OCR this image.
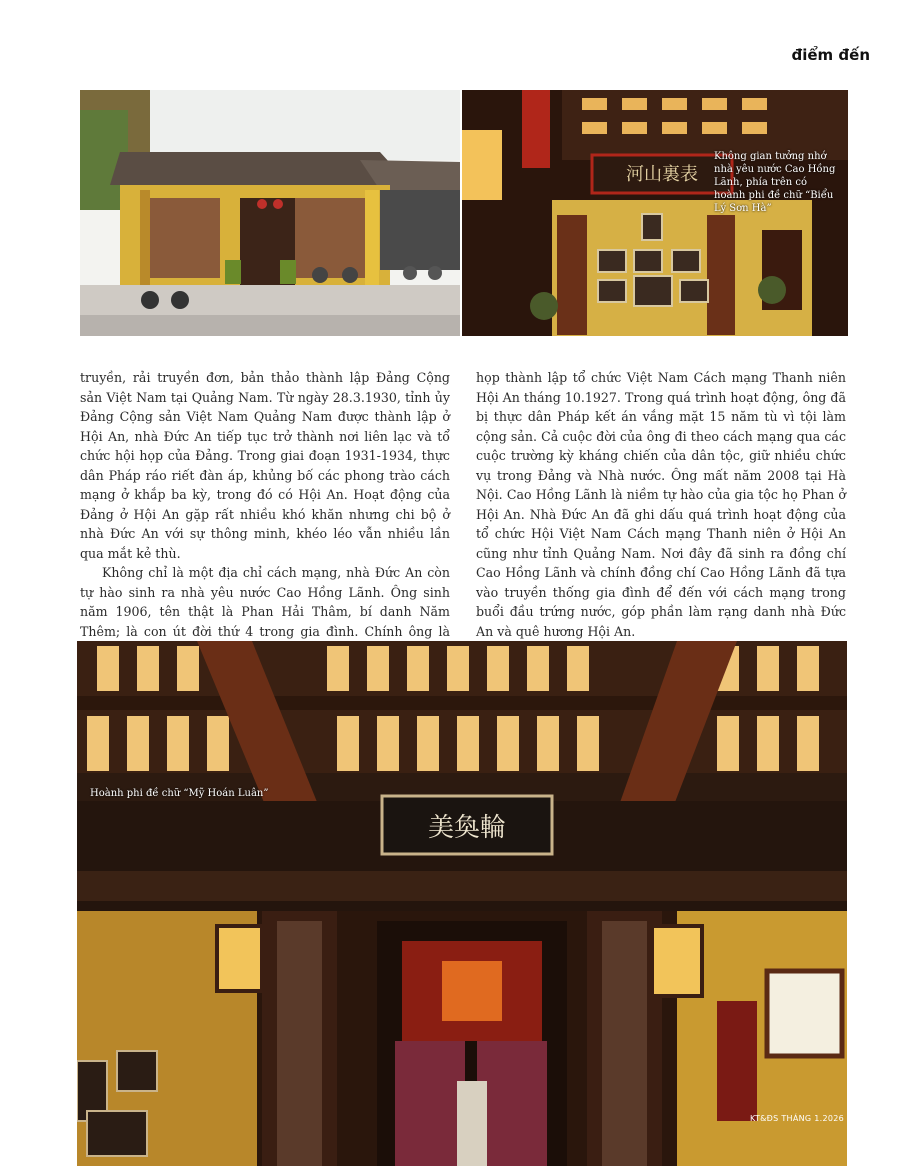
điểm đến
河山裏表
Không gian tưởng nhớ nhà yêu nước Cao Hồng Lãnh, phía trên có hoành phi đề chữ “Biểu Lý Sơn Hà”

truyền, rải truyền đơn, bản thảo thành lập Đảng Cộng sản Việt Nam tại Quảng Nam. Từ ngày 28.3.1930, tỉnh ủy Đảng Cộng sản Việt Nam Quảng Nam được thành lập ở Hội An, nhà Đức An tiếp tục trở thành nơi liên lạc và tổ chức hội họp của Đảng. Trong giai đoạn 1931-1934, thực dân Pháp ráo riết đàn áp, khủng bố các phong trào cách mạng ở khắp ba kỳ, trong đó có Hội An. Hoạt động của Đảng ở Hội An gặp rất nhiều khó khăn nhưng chi bộ ở nhà Đức An với sự thông minh, khéo léo vẫn nhiều lần qua mắt kẻ thù.

Không chỉ là một địa chỉ cách mạng, nhà Đức An còn tự hào sinh ra nhà yêu nước Cao Hồng Lãnh. Ông sinh năm 1906, tên thật là Phan Hải Thâm, bí danh Năm Thêm; là con út đời thứ 4 trong gia đình. Chính ông là

họp thành lập tổ chức Việt Nam Cách mạng Thanh niên Hội An tháng 10.1927. Trong quá trình hoạt động, ông đã bị thực dân Pháp kết án vắng mặt 15 năm tù vì tội làm cộng sản. Cả cuộc đời của ông đi theo cách mạng qua các cuộc trường kỳ kháng chiến của dân tộc, giữ nhiều chức vụ trong Đảng và Nhà nước. Ông mất năm 2008 tại Hà Nội. Cao Hồng Lãnh là niềm tự hào của gia tộc họ Phan ở Hội An. Nhà Đức An đã ghi dấu quá trình hoạt động của tổ chức Hội Việt Nam Cách mạng Thanh niên ở Hội An cũng như tỉnh Quảng Nam. Nơi đây đã sinh ra đồng chí Cao Hồng Lãnh và chính đồng chí Cao Hồng Lãnh đã tựa vào truyền thống gia đình để đến với cách mạng trong buổi đầu trứng nước, góp phần làm rạng danh nhà Đức An và quê hương Hội An.

美奐輪
Hoành phi đề chữ “Mỹ Hoán Luân”
KT&ĐS THÁNG 1.2026 57
